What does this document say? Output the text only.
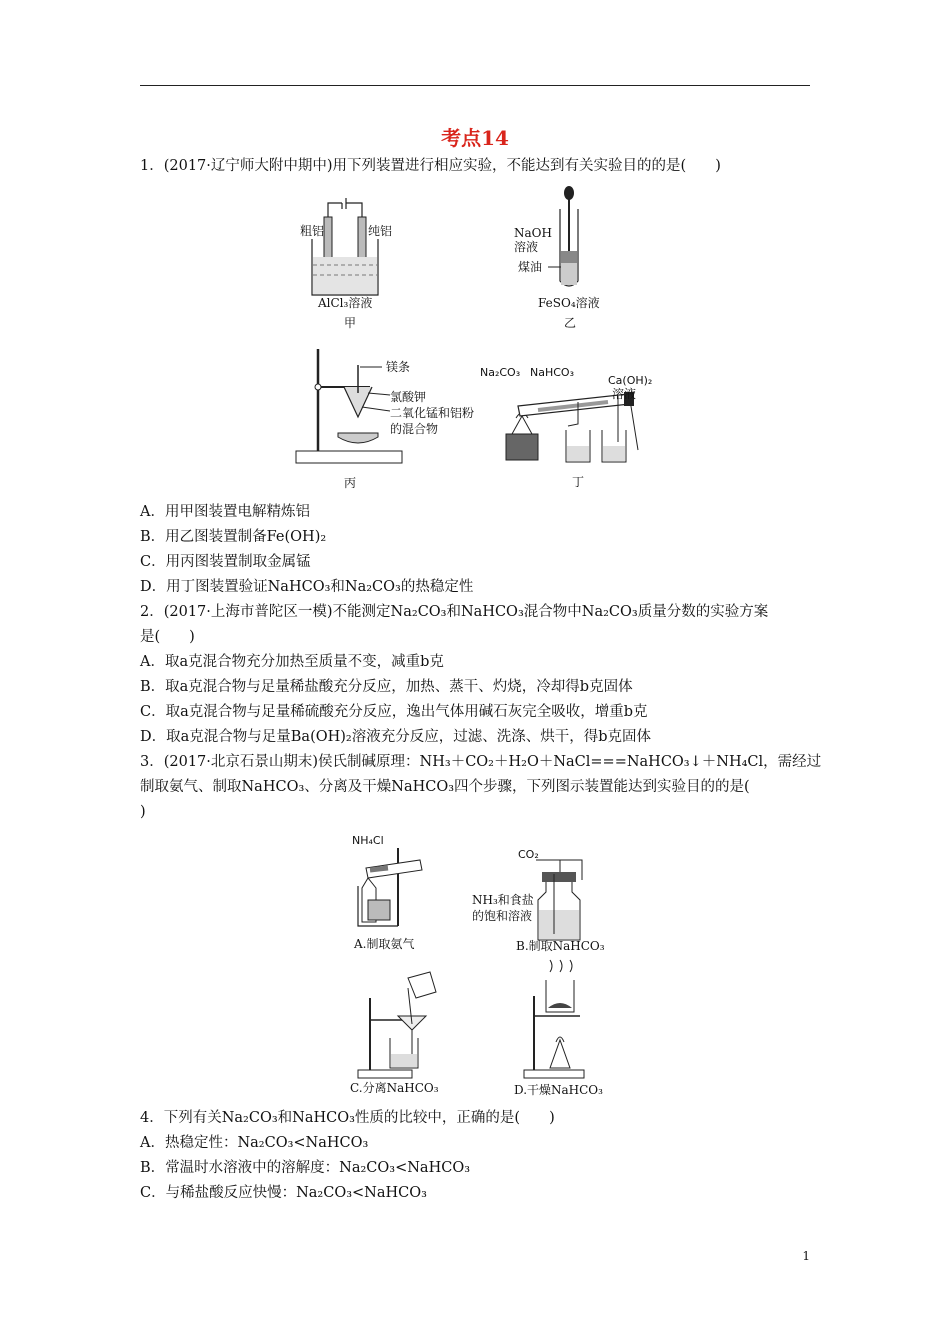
考点14
1．(2017·辽宁师大附中期中)用下列装置进行相应实验，不能达到有关实验目的的是(　　)
粗铝	纯铝
AlCl₃溶液
甲
NaOH
溶液
煤油
FeSO₄溶液
乙
镁条
氯酸钾
二氧化锰和铝粉
的混合物
丙
Na₂CO₃ NaHCO₃
Ca(OH)₂
溶液
丁
A．用甲图装置电解精炼铝
B．用乙图装置制备Fe(OH)₂
C．用丙图装置制取金属锰
D．用丁图装置验证NaHCO₃和Na₂CO₃的热稳定性
2．(2017·上海市普陀区一模)不能测定Na₂CO₃和NaHCO₃混合物中Na₂CO₃质量分数的实验方案
是(　　)
A．取a克混合物充分加热至质量不变，减重b克
B．取a克混合物与足量稀盐酸充分反应，加热、蒸干、灼烧，冷却得b克固体
C．取a克混合物与足量稀硫酸充分反应，逸出气体用碱石灰完全吸收，增重b克
D．取a克混合物与足量Ba(OH)₂溶液充分反应，过滤、洗涤、烘干，得b克固体
3．(2017·北京石景山期末)侯氏制碱原理：NH₃＋CO₂＋H₂O＋NaCl===NaHCO₃↓＋NH₄Cl，需经过
制取氨气、制取NaHCO₃、分离及干燥NaHCO₃四个步骤，下列图示装置能达到实验目的的是(
)
NH₄Cl
A.制取氨气
CO₂
NH₃和食盐
的饱和溶液
B.制取NaHCO₃
C.分离NaHCO₃	D.干燥NaHCO₃
4．下列有关Na₂CO₃和NaHCO₃性质的比较中，正确的是(　　)
A．热稳定性：Na₂CO₃<NaHCO₃
B．常温时水溶液中的溶解度：Na₂CO₃<NaHCO₃
C．与稀盐酸反应快慢：Na₂CO₃<NaHCO₃
1
